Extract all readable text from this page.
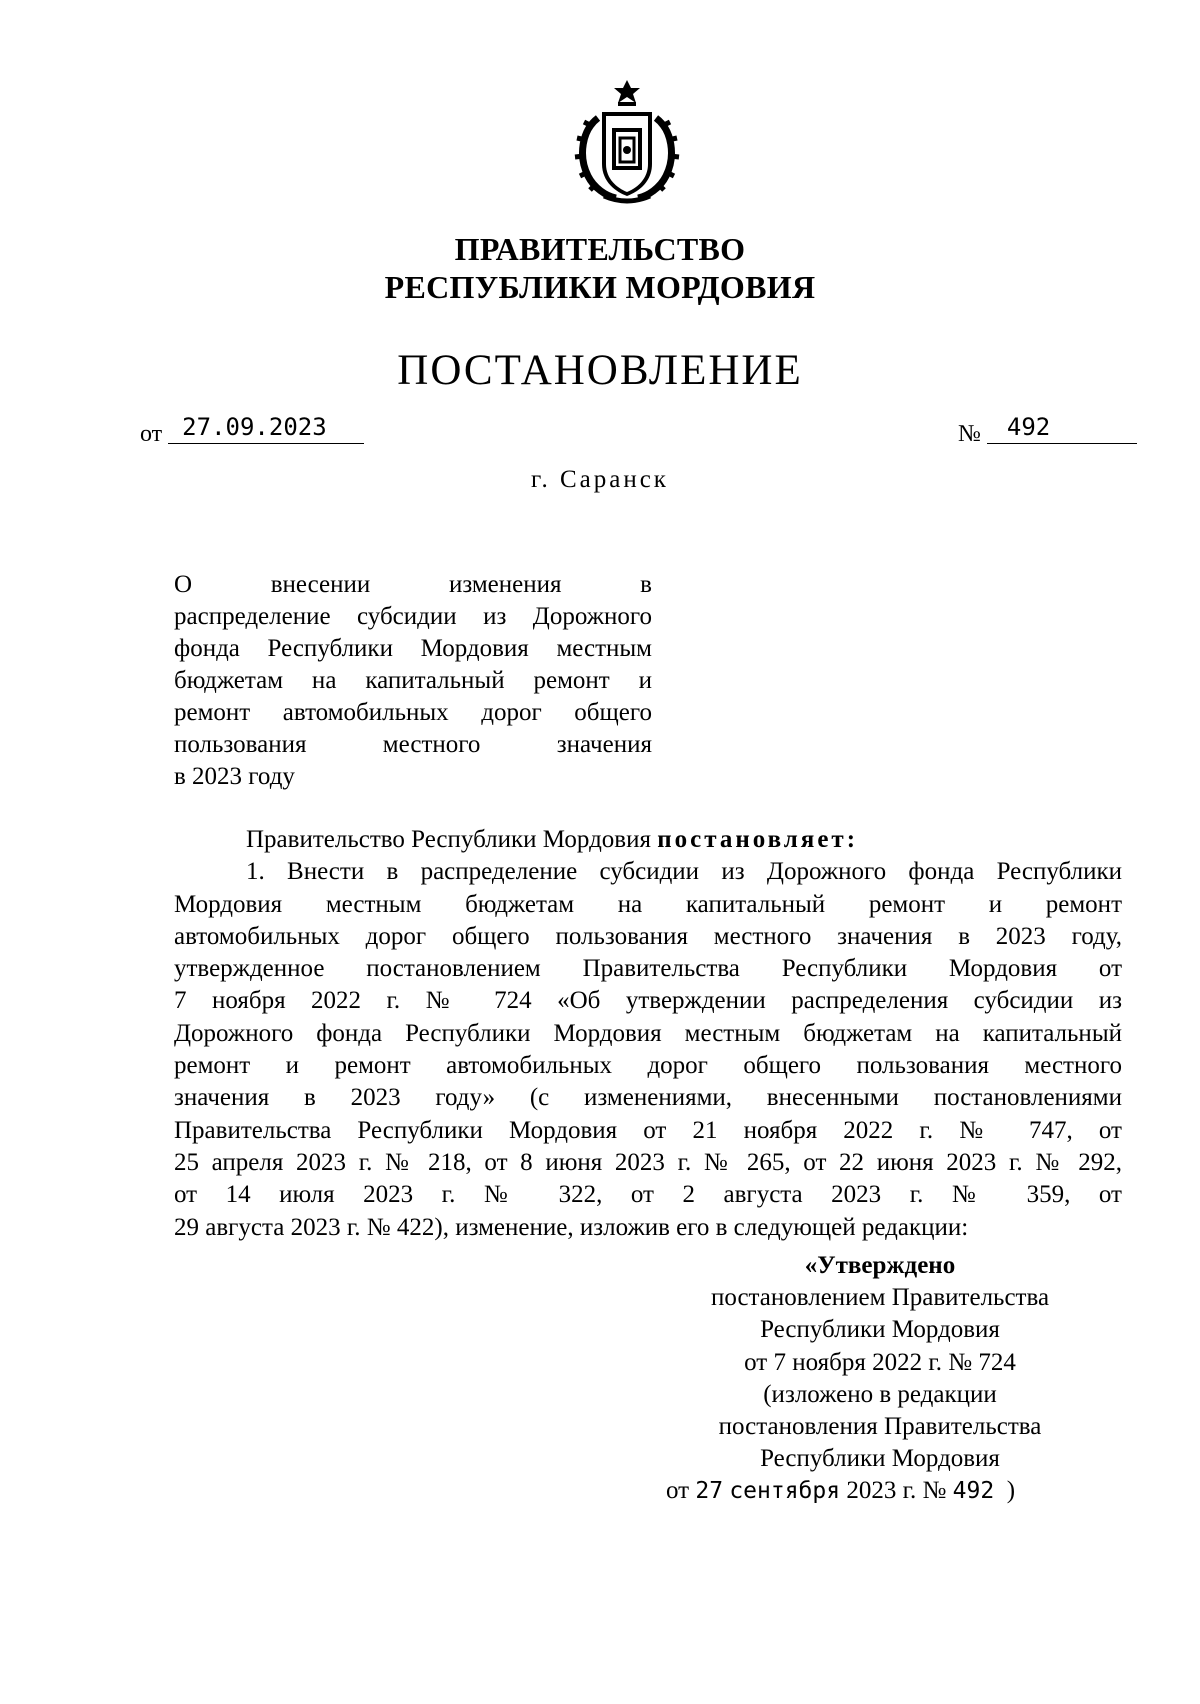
ПРАВИТЕЛЬСТВО
РЕСПУБЛИКИ МОРДОВИЯ
ПОСТАНОВЛЕНИЕ
от 27.09.2023	№ 492
г. Саранск
О внесении изменения в
распределение субсидии из Дорожного
фонда Республики Мордовия местным
бюджетам на капитальный ремонт и
ремонт автомобильных дорог общего
пользования местного значения
в 2023 году
Правительство Республики Мордовия постановляет:
1. Внести в распределение субсидии из Дорожного фонда Республики
Мордовия местным бюджетам на капитальный ремонт и ремонт
автомобильных дорог общего пользования местного значения в 2023 году,
утвержденное постановлением Правительства Республики Мордовия от
7 ноября 2022 г. № 724 «Об утверждении распределения субсидии из
Дорожного фонда Республики Мордовия местным бюджетам на капитальный
ремонт и ремонт автомобильных дорог общего пользования местного
значения в 2023 году» (с изменениями, внесенными постановлениями
Правительства Республики Мордовия от 21 ноября 2022 г. № 747, от
25 апреля 2023 г. № 218, от 8 июня 2023 г. № 265, от 22 июня 2023 г. № 292,
от 14 июля 2023 г. № 322, от 2 августа 2023 г. № 359, от
29 августа 2023 г. № 422), изменение, изложив его в следующей редакции:
«Утверждено
постановлением Правительства
Республики Мордовия
от 7 ноября 2022 г. № 724
(изложено в редакции
постановления Правительства
Республики Мордовия
от 27 сентября 2023 г. № 492 )
